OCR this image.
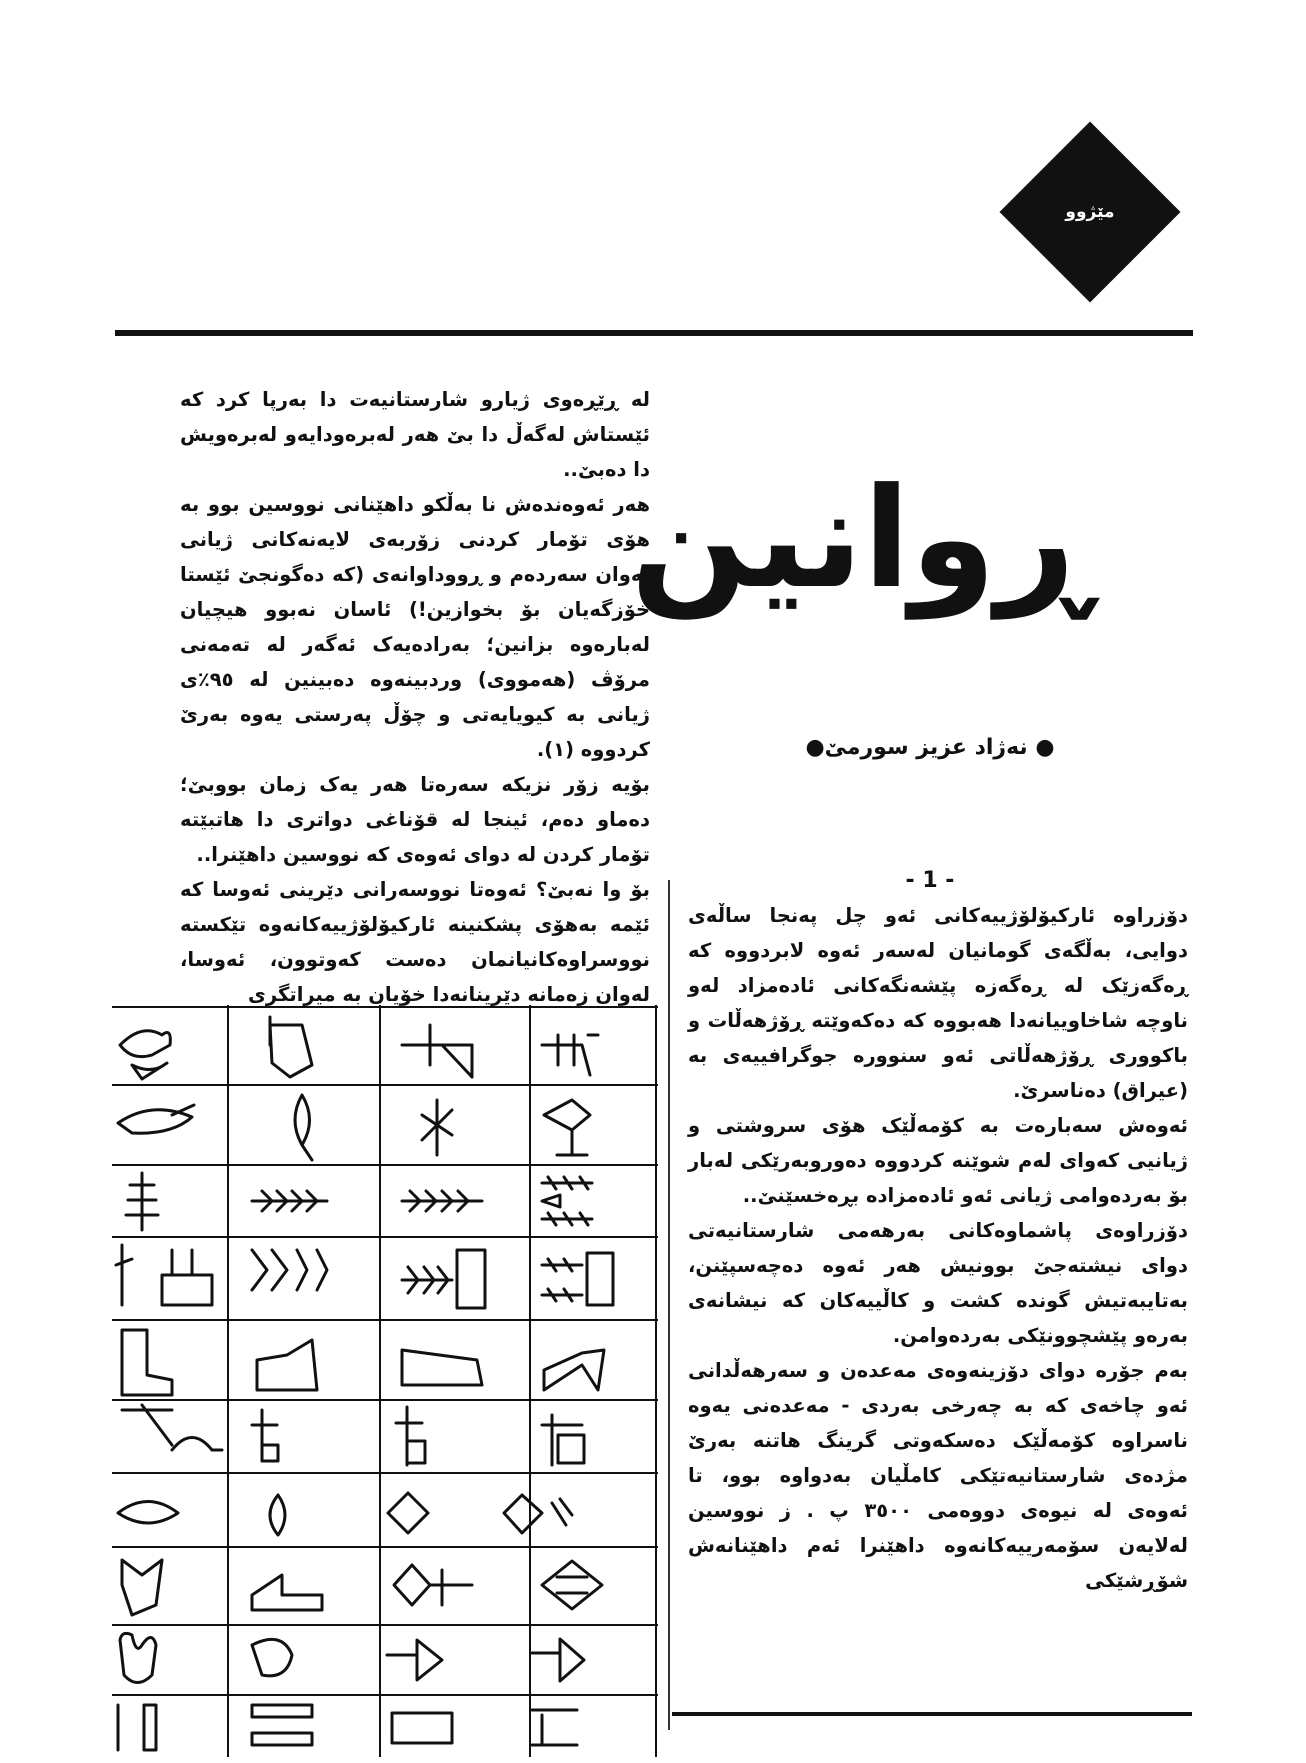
مێژوو
ڕوانین
● نەژاد عزیز سورمێ●
- 1 -

لە ڕێڕەوی ژیارو شارستانیەت دا بەرپا کرد کە ئێستاش لەگەڵ دا بێ هەر لەبرەودایەو لەبرەویش دا دەبێ..

هەر ئەوەندەش نا بەڵکو داهێنانی نووسین بوو بە هۆی تۆمار کردنی زۆربەی لایەنەکانی ژیانی ئەوان سەردەم و ڕووداوانەی (کە دەگونجێ ئێستا خۆزگەیان بۆ بخوازین!) ئاسان نەبوو هیچیان لەبارەوە بزانین؛ بەرادەیەک ئەگەر لە تەمەنی مرۆڤ (هەمووی) وردبینەوە دەبینین لە ٩٥٪ی ژیانی بە کیویایەتی و چۆڵ پەرستی یەوە بەرێ کردووە (١).

بۆیە زۆر نزیکە سەرەتا هەر یەک زمان بووبێ؛ دەماو دەم، ئینجا لە قۆناغی دواتری دا هاتبێتە تۆمار کردن لە دوای ئەوەی کە نووسین داهێنرا..

بۆ وا نەبێ؟ ئەوەتا نووسەرانی دێرینی ئەوسا کە ئێمە بەهۆی پشکنینە ئارکیۆلۆژییەکانەوە تێکستە نووسراوەکانیانمان دەست کەوتوون، ئەوسا، لەوان زەمانە دێرینانەدا خۆیان بە میراتگری

دۆزراوە ئارکیۆلۆژییەکانی ئەو چل پەنجا ساڵەی دوایی، بەڵگەی گومانیان لەسەر ئەوە لابردووە کە ڕەگەزێک لە ڕەگەزە پێشەنگەکانی ئادەمزاد لەو ناوچە شاخاوییانەدا هەبووە کە دەکەوێتە ڕۆژهەڵات و باکووری ڕۆژهەڵاتی ئەو سنوورە جوگرافییەی بە (عیراق) دەناسرێ.

ئەوەش سەبارەت بە کۆمەڵێک هۆی سروشتی و ژیانیی کەوای لەم شوێنە کردووە دەوروبەرێکی لەبار بۆ بەردەوامی ژیانی ئەو ئادەمزادە بڕەخسێنێ..

دۆزراوەی پاشماوەکانی بەرهەمی شارستانیەتی دوای نیشتەجێ بوونیش هەر ئەوە دەچەسپێنن، بەتایبەتیش گوندە کشت و کاڵییەکان کە نیشانەی بەرەو پێشچوونێکی بەردەوامن.

بەم جۆرە دوای دۆزینەوەی مەعدەن و سەرهەڵدانی ئەو چاخەی کە بە چەرخی بەردی - مەعدەنی یەوە ناسراوە کۆمەڵێک دەسکەوتی گرینگ هاتنە بەرێ مژدەی شارستانیەتێکی کامڵیان بەدواوە بوو، تا ئەوەی لە نیوەی دووەمی ٣٥٠٠ پ . ز نووسین لەلایەن سۆمەرییەکانەوە داهێنرا ئەم داهێنانەش شۆڕشێکی
